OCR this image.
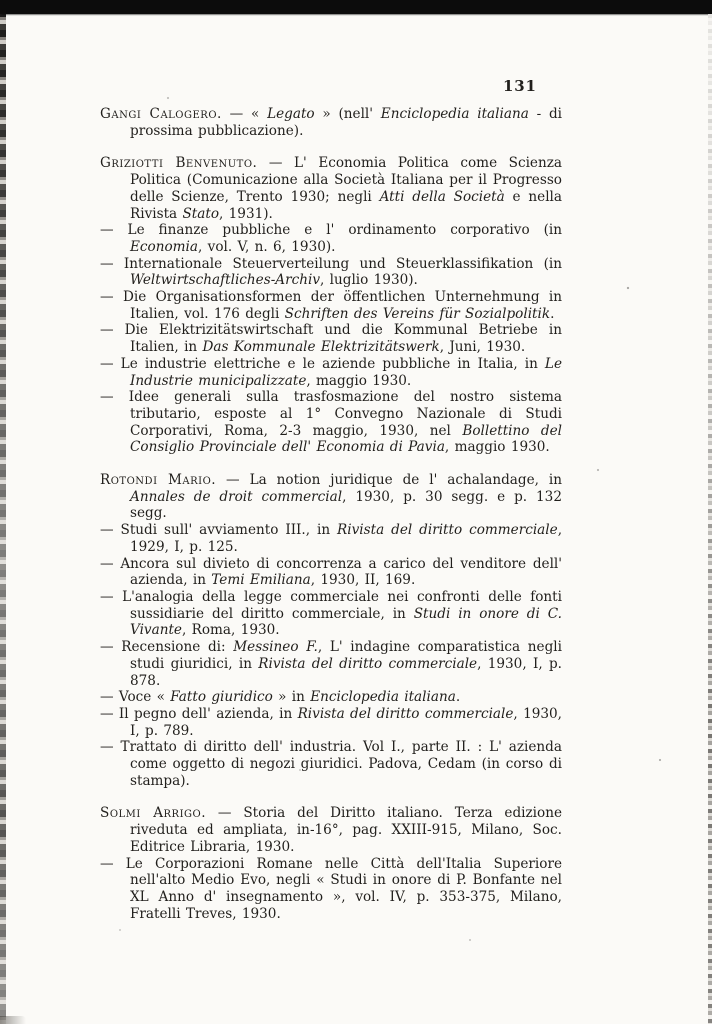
131

Gangi Calogero. — « Legato » (nell' Enciclopedia italiana - di prossima pubblicazione).

Griziotti Benvenuto. — L' Economia Politica come Scienza Politica (Comunicazione alla Società Italiana per il Progresso delle Scienze, Trento 1930; negli Atti della Società e nella Rivista Stato, 1931).

— Le finanze pubbliche e l' ordinamento corporativo (in Economia, vol. V, n. 6, 1930).

— Internationale Steuerverteilung und Steuerklassifikation (in Weltwirtschaftliches-Archiv, luglio 1930).

— Die Organisationsformen der öffentlichen Unternehmung in Italien, vol. 176 degli Schriften des Vereins für Sozialpolitik.

— Die Elektrizitätswirtschaft und die Kommunal Betriebe in Italien, in Das Kommunale Elektrizitätswerk, Juni, 1930.

— Le industrie elettriche e le aziende pubbliche in Italia, in Le Industrie municipalizzate, maggio 1930.

— Idee generali sulla trasfosmazione del nostro sistema tributario, esposte al 1° Convegno Nazionale di Studi Corporativi, Roma, 2-3 maggio, 1930, nel Bollettino del Consiglio Provinciale dell' Economia di Pavia, maggio 1930.

Rotondi Mario. — La notion juridique de l' achalandage, in Annales de droit commercial, 1930, p. 30 segg. e p. 132 segg.

— Studi sull' avviamento III., in Rivista del diritto commerciale, 1929, I, p. 125.

— Ancora sul divieto di concorrenza a carico del venditore dell' azienda, in Temi Emiliana, 1930, II, 169.

— L'analogia della legge commerciale nei confronti delle fonti sussidiarie del diritto commerciale, in Studi in onore di C. Vivante, Roma, 1930.

— Recensione di: Messineo F., L' indagine comparatistica negli studi giuridici, in Rivista del diritto commerciale, 1930, I, p. 878.

— Voce « Fatto giuridico » in Enciclopedia italiana.

— Il pegno dell' azienda, in Rivista del diritto commerciale, 1930, I, p. 789.

— Trattato di diritto dell' industria. Vol I., parte II. : L' azienda come oggetto di negozi giuridici. Padova, Cedam (in corso di stampa).

Solmi Arrigo. — Storia del Diritto italiano. Terza edizione riveduta ed ampliata, in-16°, pag. XXIII-915, Milano, Soc. Editrice Libraria, 1930.

— Le Corporazioni Romane nelle Città dell'Italia Superiore nell'alto Medio Evo, negli « Studi in onore di P. Bonfante nel XL Anno d' insegnamento », vol. IV, p. 353-375, Milano, Fratelli Treves, 1930.
